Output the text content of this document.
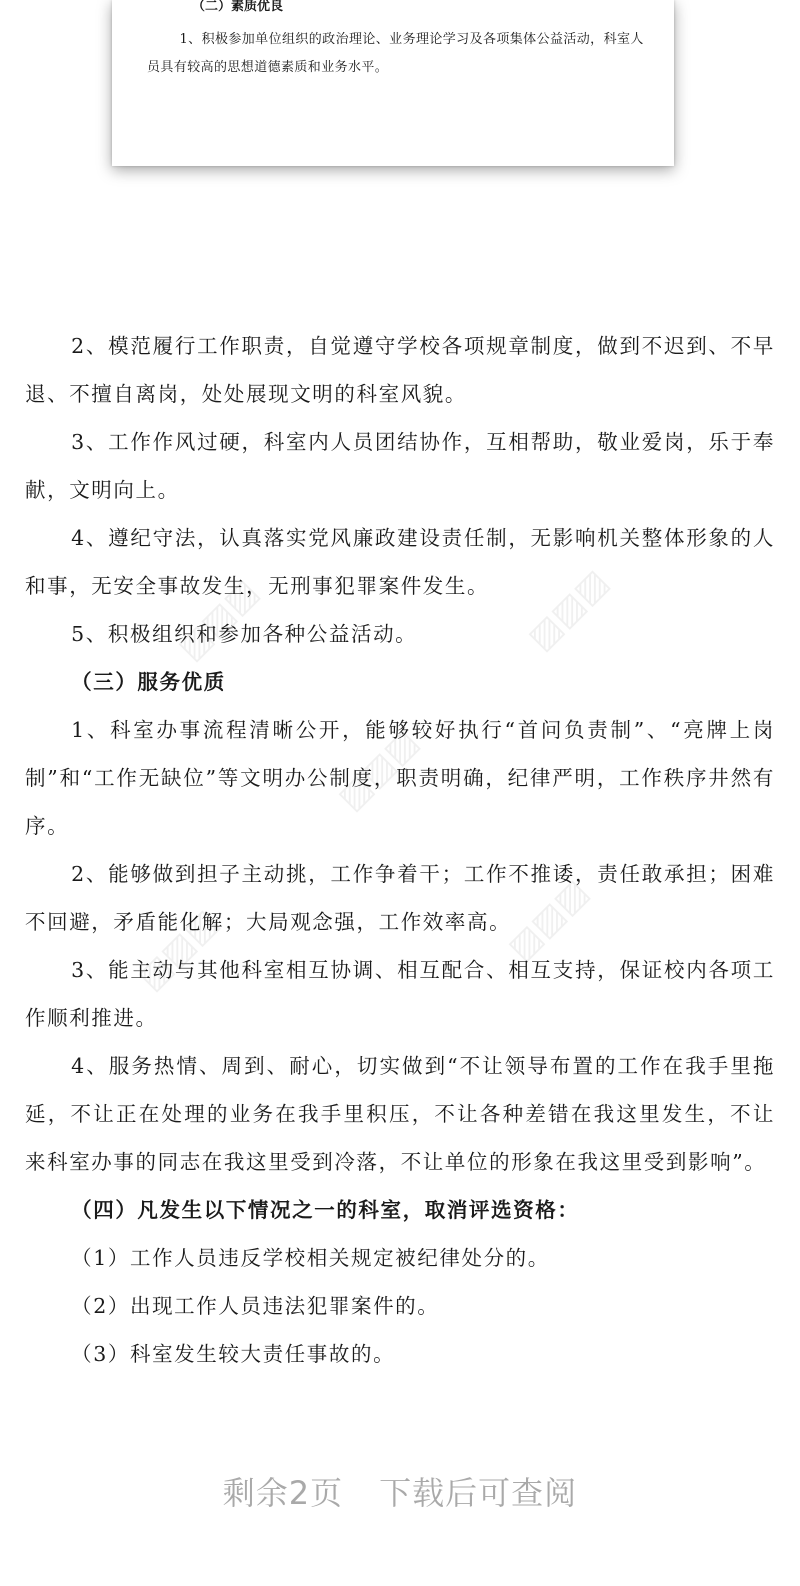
（二）素质优良
1、积极参加单位组织的政治理论、业务理论学习及各项集体公益活动，科室人员具有较高的思想道德素质和业务水平。

2、模范履行工作职责，自觉遵守学校各项规章制度，做到不迟到、不早退、不擅自离岗，处处展现文明的科室风貌。

3、工作作风过硬，科室内人员团结协作，互相帮助，敬业爱岗，乐于奉献，文明向上。

4、遵纪守法，认真落实党风廉政建设责任制，无影响机关整体形象的人和事，无安全事故发生，无刑事犯罪案件发生。

5、积极组织和参加各种公益活动。

（三）服务优质

1、科室办事流程清晰公开，能够较好执行“首问负责制”、“亮牌上岗制”和“工作无缺位”等文明办公制度，职责明确，纪律严明，工作秩序井然有序。

2、能够做到担子主动挑，工作争着干；工作不推诿，责任敢承担；困难不回避，矛盾能化解；大局观念强，工作效率高。

3、能主动与其他科室相互协调、相互配合、相互支持，保证校内各项工作顺利推进。

4、服务热情、周到、耐心，切实做到“不让领导布置的工作在我手里拖延，不让正在处理的业务在我手里积压，不让各种差错在我这里发生，不让来科室办事的同志在我这里受到冷落，不让单位的形象在我这里受到影响”。

（四）凡发生以下情况之一的科室，取消评选资格：

（1）工作人员违反学校相关规定被纪律处分的。

（2）出现工作人员违法犯罪案件的。

（3）科室发生较大责任事故的。

▨▨▨	▨▨▨
▨▨▨
▨▨▨	▨▨▨
剩余2页 下载后可查阅
